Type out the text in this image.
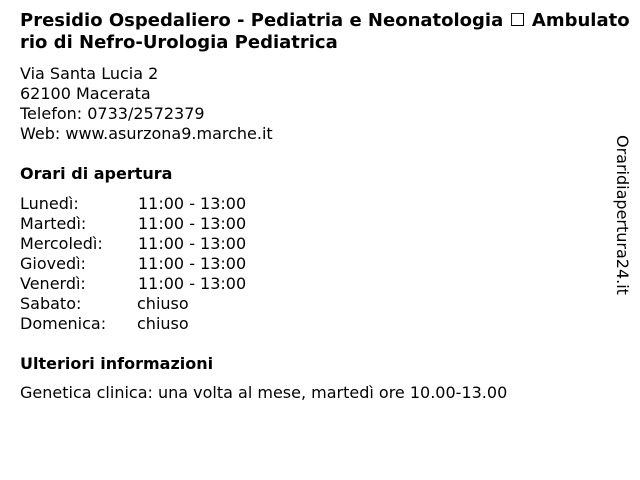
Presidio Ospedaliero - Pediatria e Neonatologia ☐ Ambulatorio di Nefro-Urologia Pediatrica
Via Santa Lucia 2
62100 Macerata
Telefon: 0733/2572379
Web: www.asurzona9.marche.it
Orari di apertura
Lunedì:	11:00 - 13:00
Martedì:	11:00 - 13:00
Mercoledì: 11:00 - 13:00
Giovedì:	11:00 - 13:00
Venerdì:	11:00 - 13:00
Sabato:	chiuso
Domenica: chiuso
Ulteriori informazioni
Genetica clinica: una volta al mese, martedì ore 10.00-13.00
Oraridiapertura24.it
